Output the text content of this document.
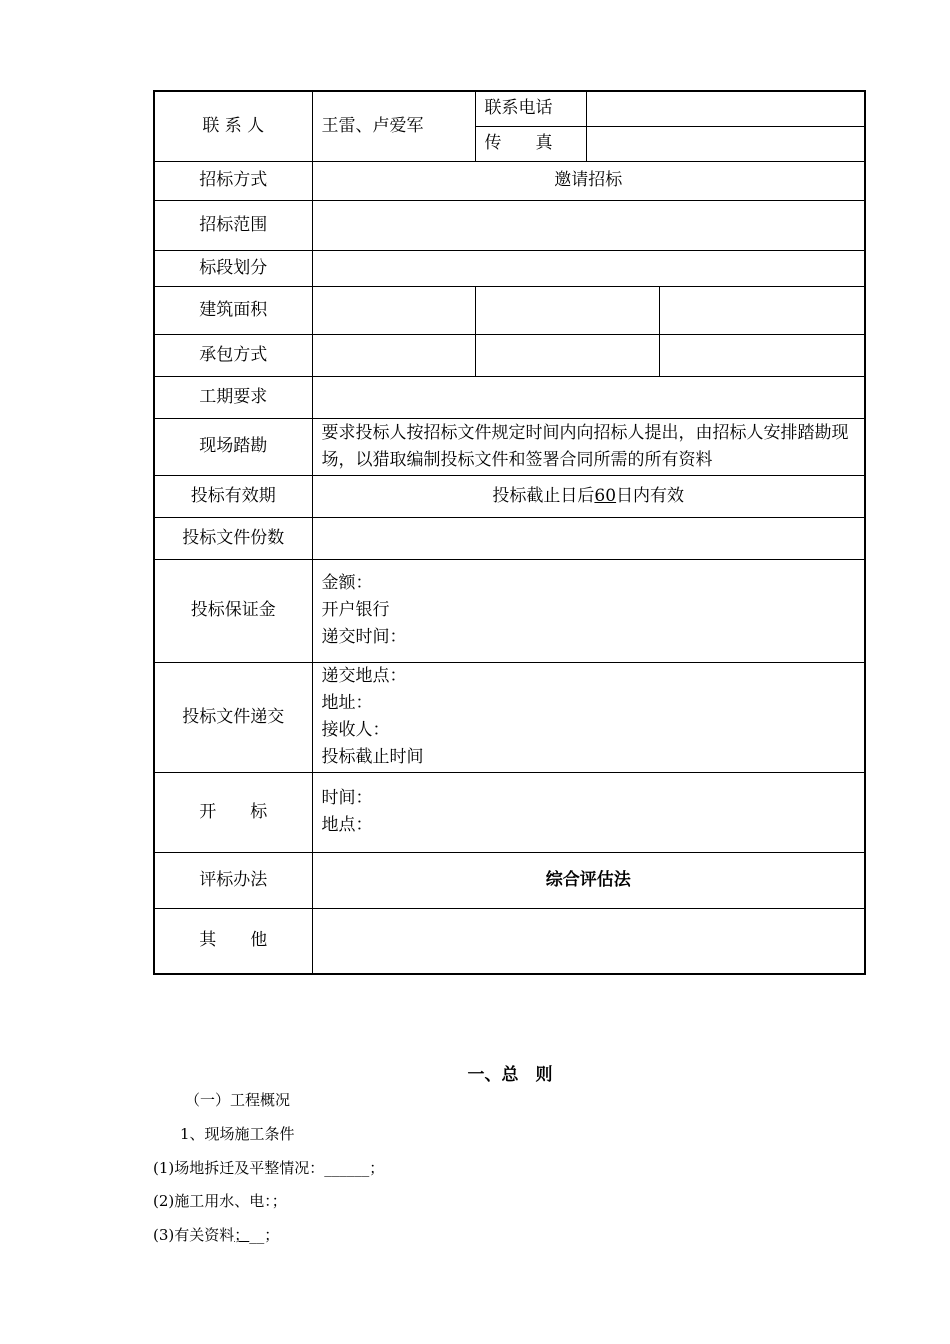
联 系 人	王雷、卢爱军	联系电话		
		传　　真		
招标方式	邀请招标			
招标范围				
标段划分				
建筑面积				
承包方式				
工期要求				
现场踏勘	要求投标人按招标文件规定时间内向招标人提出，由招标人安排踏勘现场，以猎取编制投标文件和签署合同所需的所有资料			
投标有效期	投标截止日后60日内有效			
投标文件份数				
投标保证金	金额：
开户银行
递交时间：			

投标文件递交	递交地点：
地址：
接收人：
投标截止时间			

开　　标	时间：
地点：			

评标办法	综合评估法			
其　　他				
一、总　则
（一）工程概况
1、现场施工条件
(1)场地拆迁及平整情况：______；
(2)施工用水、电：；
(3)有关资料；__；
